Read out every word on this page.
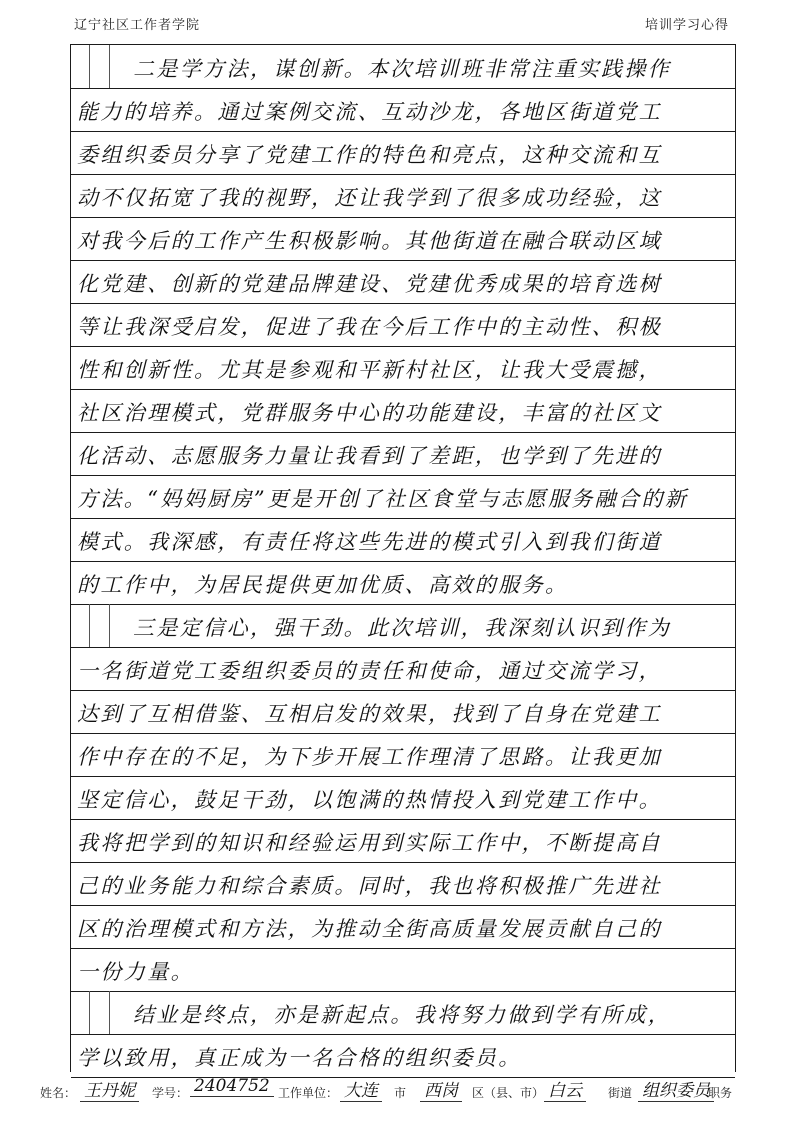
辽宁社区工作者学院	培训学习心得
二是学方法，谋创新。本次培训班非常注重实践操作
能力的培养。通过案例交流、互动沙龙，各地区街道党工
委组织委员分享了党建工作的特色和亮点，这种交流和互
动不仅拓宽了我的视野，还让我学到了很多成功经验，这
对我今后的工作产生积极影响。其他街道在融合联动区域
化党建、创新的党建品牌建设、党建优秀成果的培育选树
等让我深受启发，促进了我在今后工作中的主动性、积极
性和创新性。尤其是参观和平新村社区，让我大受震撼，
社区治理模式，党群服务中心的功能建设，丰富的社区文
化活动、志愿服务力量让我看到了差距，也学到了先进的
方法。“妈妈厨房”更是开创了社区食堂与志愿服务融合的新
模式。我深感，有责任将这些先进的模式引入到我们街道
的工作中，为居民提供更加优质、高效的服务。
三是定信心，强干劲。此次培训，我深刻认识到作为
一名街道党工委组织委员的责任和使命，通过交流学习，
达到了互相借鉴、互相启发的效果，找到了自身在党建工
作中存在的不足，为下步开展工作理清了思路。让我更加
坚定信心，鼓足干劲，以饱满的热情投入到党建工作中。
我将把学到的知识和经验运用到实际工作中，不断提高自
己的业务能力和综合素质。同时，我也将积极推广先进社
区的治理模式和方法，为推动全街高质量发展贡献自己的
一份力量。
结业是终点，亦是新起点。我将努力做到学有所成，
学以致用，真正成为一名合格的组织委员。
姓名： 王丹妮	学号： 2404752 工作单位： 大连	市 西岗	区（县、市） 白云	街道 组织委员
职务
